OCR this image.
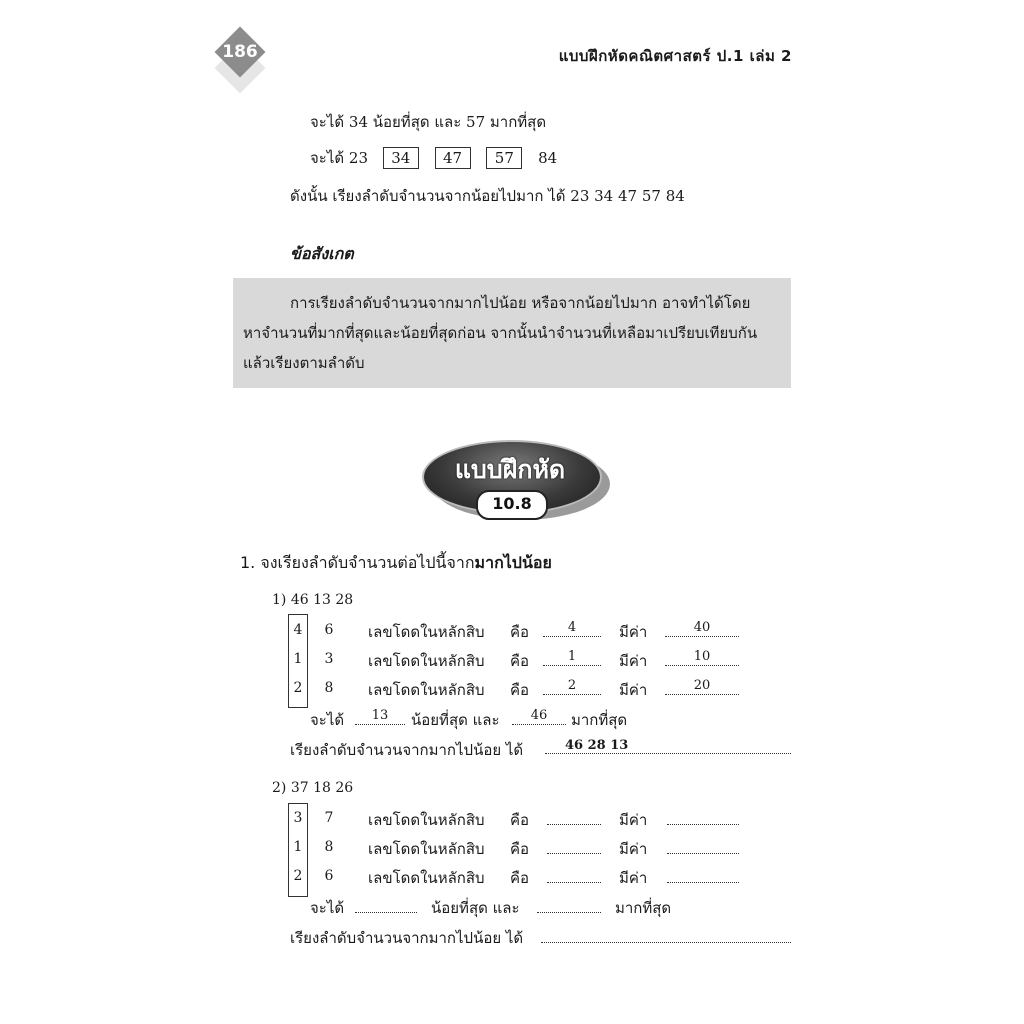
186	แบบฝึกหัดคณิตศาสตร์ ป.1 เล่ม 2
จะได้ 34 น้อยที่สุด และ 57 มากที่สุด
จะได้ 23 34 47 57 84
ดังนั้น เรียงลำดับจำนวนจากน้อยไปมาก ได้ 23 34 47 57 84
ข้อสังเกต
การเรียงลำดับจำนวนจากมากไปน้อย หรือจากน้อยไปมาก อาจทำได้โดย
หาจำนวนที่มากที่สุดและน้อยที่สุดก่อน จากนั้นนำจำนวนที่เหลือมาเปรียบเทียบกัน
แล้วเรียงตามลำดับ
แบบฝึกหัด
10.8
1. จงเรียงลำดับจำนวนต่อไปนี้จากมากไปน้อย
1) 46 13 28
4 6 เลขโดดในหลักสิบ คือ	4	มีค่า	40
1 3 เลขโดดในหลักสิบ คือ	1	มีค่า	10
2 8 เลขโดดในหลักสิบ คือ	2	มีค่า	20
จะได้	13	น้อยที่สุด และ	46	มากที่สุด
เรียงลำดับจำนวนจากมากไปน้อย ได้	46 28 13
2) 37 18 26
3 7 เลขโดดในหลักสิบ คือ	มีค่า
1 8 เลขโดดในหลักสิบ คือ	มีค่า
2 6 เลขโดดในหลักสิบ คือ	มีค่า
จะได้	น้อยที่สุด และ	มากที่สุด
เรียงลำดับจำนวนจากมากไปน้อย ได้
